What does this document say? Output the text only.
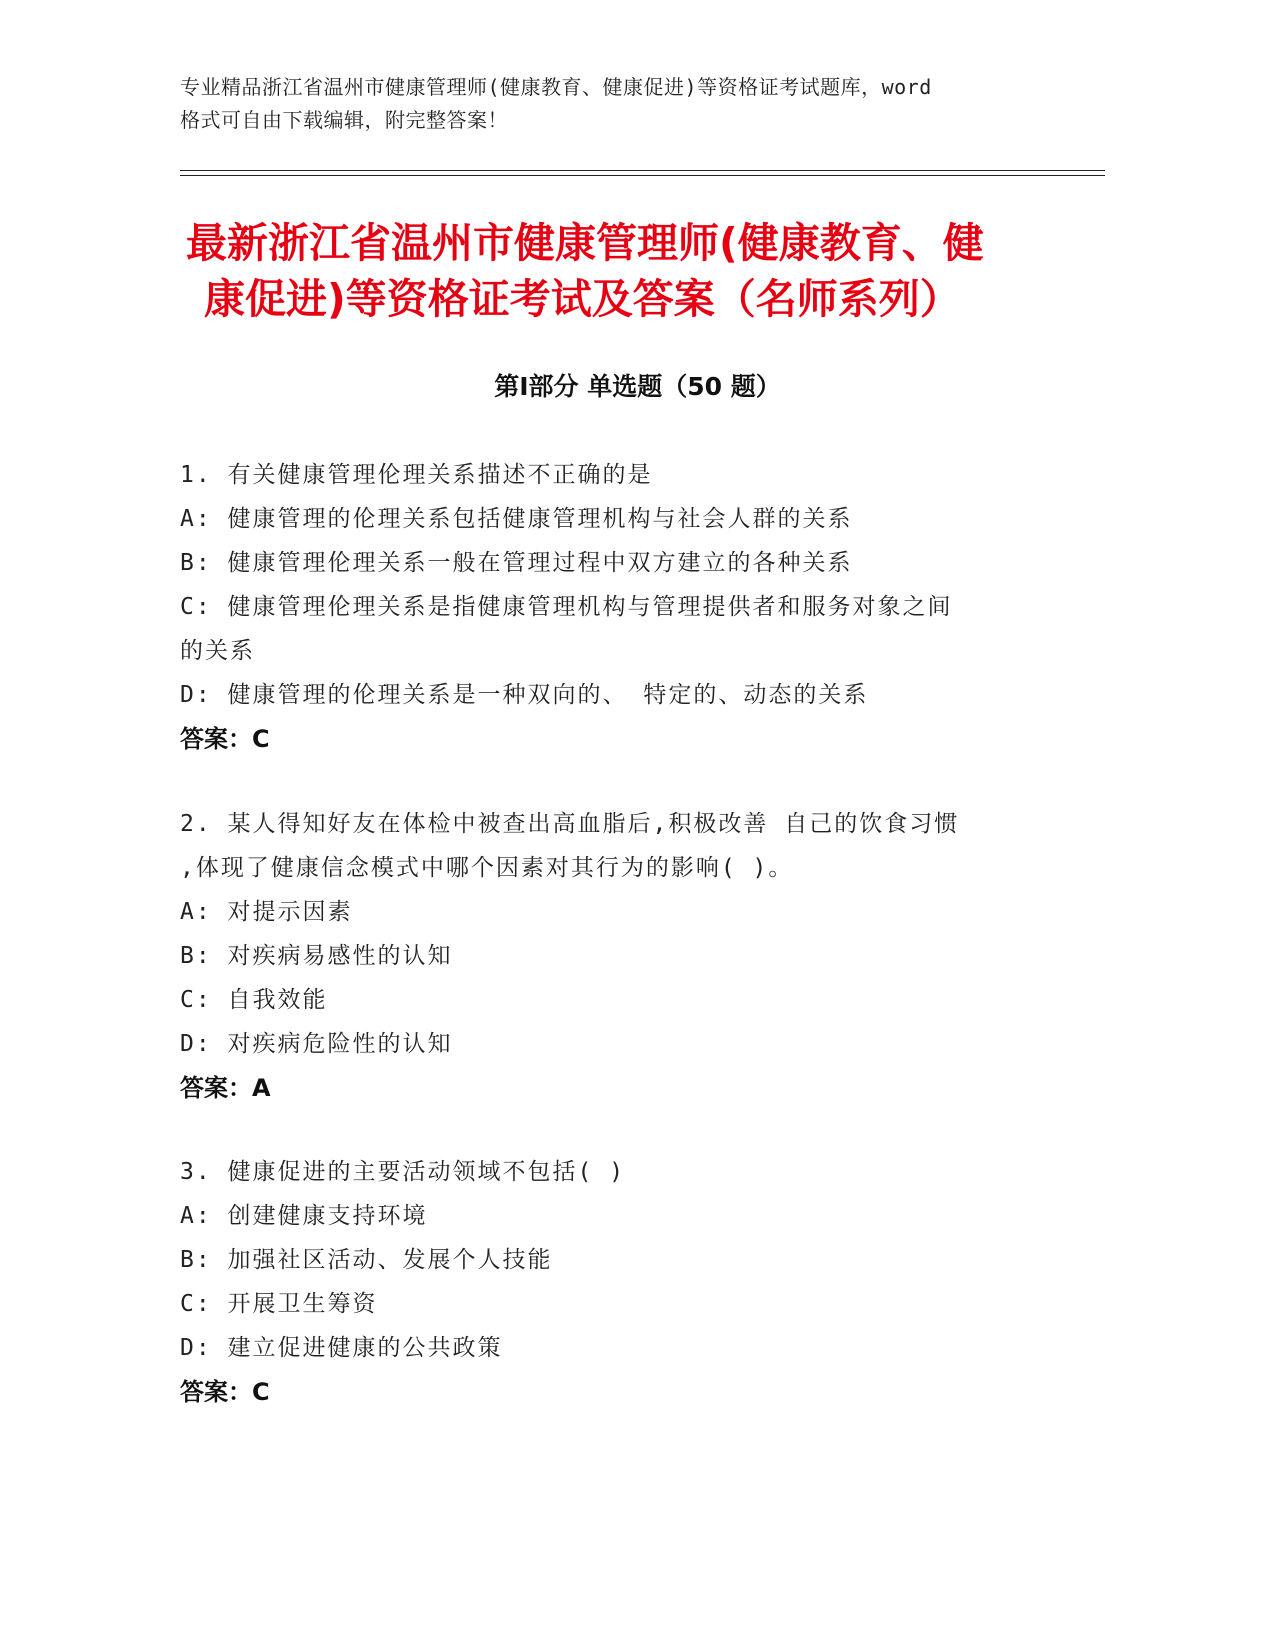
专业精品浙江省温州市健康管理师(健康教育、健康促进)等资格证考试题库，word
格式可自由下载编辑，附完整答案！
最新浙江省温州市健康管理师(健康教育、健
康促进)等资格证考试及答案（名师系列）
第Ⅰ部分 单选题（50 题）
1. 有关健康管理伦理关系描述不正确的是
A: 健康管理的伦理关系包括健康管理机构与社会人群的关系
B: 健康管理伦理关系一般在管理过程中双方建立的各种关系
C: 健康管理伦理关系是指健康管理机构与管理提供者和服务对象之间
的关系
D: 健康管理的伦理关系是一种双向的、 特定的、动态的关系
答案：C
2. 某人得知好友在体检中被查出高血脂后,积极改善 自己的饮食习惯
,体现了健康信念模式中哪个因素对其行为的影响( )。
A: 对提示因素
B: 对疾病易感性的认知
C: 自我效能
D: 对疾病危险性的认知
答案：A
3. 健康促进的主要活动领域不包括( )
A: 创建健康支持环境
B: 加强社区活动、发展个人技能
C: 开展卫生筹资
D: 建立促进健康的公共政策
答案：C
